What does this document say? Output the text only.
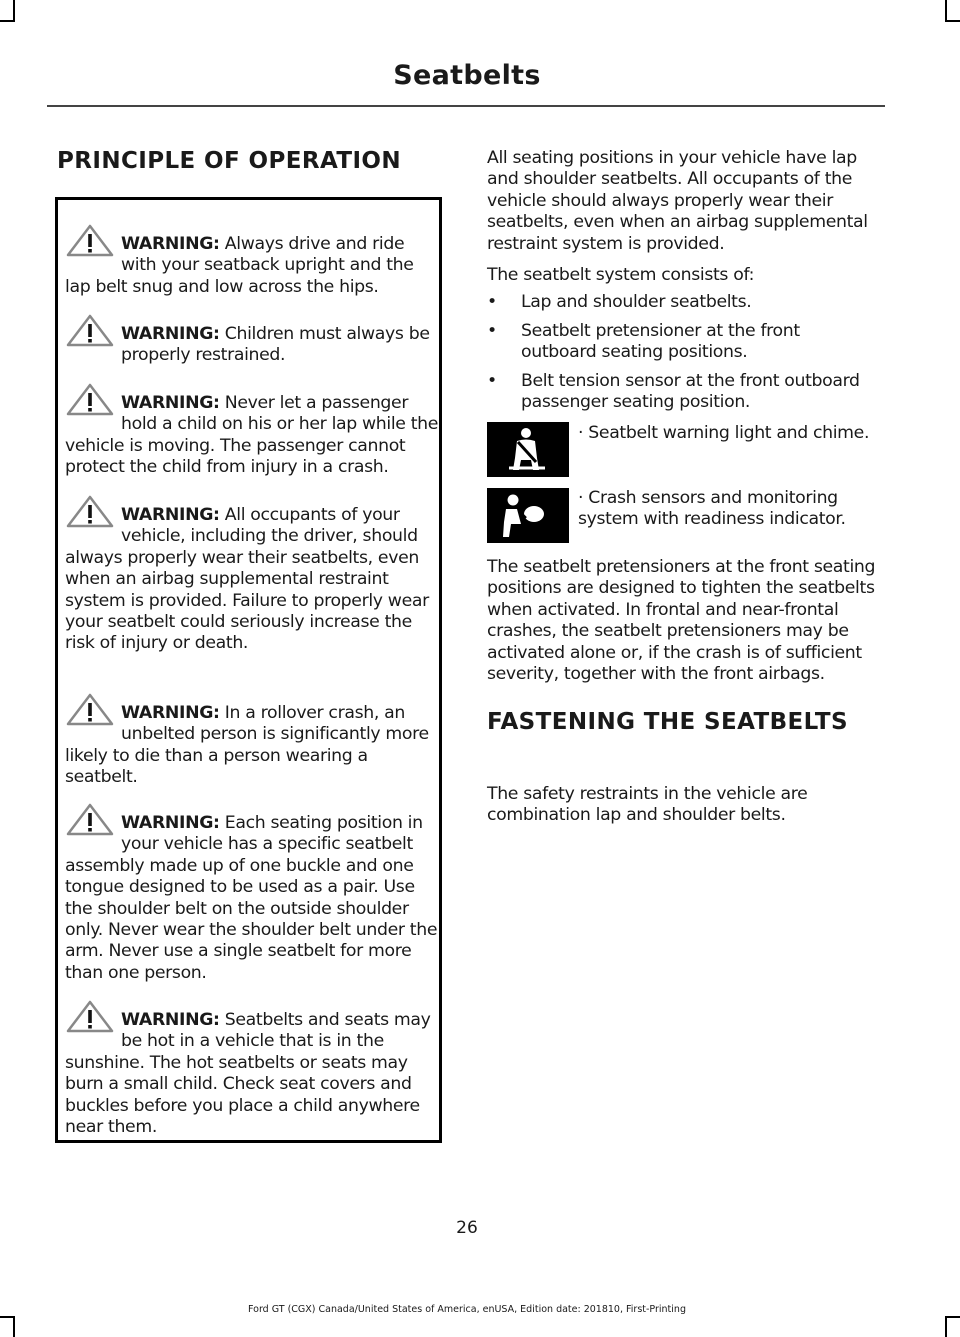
Seatbelts
PRINCIPLE OF OPERATION
WARNING: Always drive and ride with your seatback upright and the lap belt snug and low across the hips.
WARNING: Children must always be properly restrained.
WARNING: Never let a passenger hold a child on his or her lap while the vehicle is moving. The passenger cannot protect the child from injury in a crash.
WARNING: All occupants of your vehicle, including the driver, should always properly wear their seatbelts, even when an airbag supplemental restraint system is provided. Failure to properly wear your seatbelt could seriously increase the risk of injury or death.
WARNING: In a rollover crash, an unbelted person is significantly more likely to die than a person wearing a seatbelt.
WARNING: Each seating position in your vehicle has a specific seatbelt assembly made up of one buckle and one tongue designed to be used as a pair. Use the shoulder belt on the outside shoulder only. Never wear the shoulder belt under the arm. Never use a single seatbelt for more than one person.
WARNING: Seatbelts and seats may be hot in a vehicle that is in the sunshine. The hot seatbelts or seats may burn a small child. Check seat covers and buckles before you place a child anywhere near them.

All seating positions in your vehicle have lap and shoulder seatbelts. All occupants of the vehicle should always properly wear their seatbelts, even when an airbag supplemental restraint system is provided.

The seatbelt system consists of:

• Lap and shoulder seatbelts.
• Seatbelt pretensioner at the front outboard seating positions.
• Belt tension sensor at the front outboard passenger seating position.
· Seatbelt warning light and chime.
· Crash sensors and monitoring system with readiness indicator.

The seatbelt pretensioners at the front seating positions are designed to tighten the seatbelts when activated. In frontal and near-frontal crashes, the seatbelt pretensioners may be activated alone or, if the crash is of sufficient severity, together with the front airbags.

FASTENING THE SEATBELTS

The safety restraints in the vehicle are combination lap and shoulder belts.

26
Ford GT (CGX) Canada/United States of America, enUSA, Edition date: 201810, First-Printing
